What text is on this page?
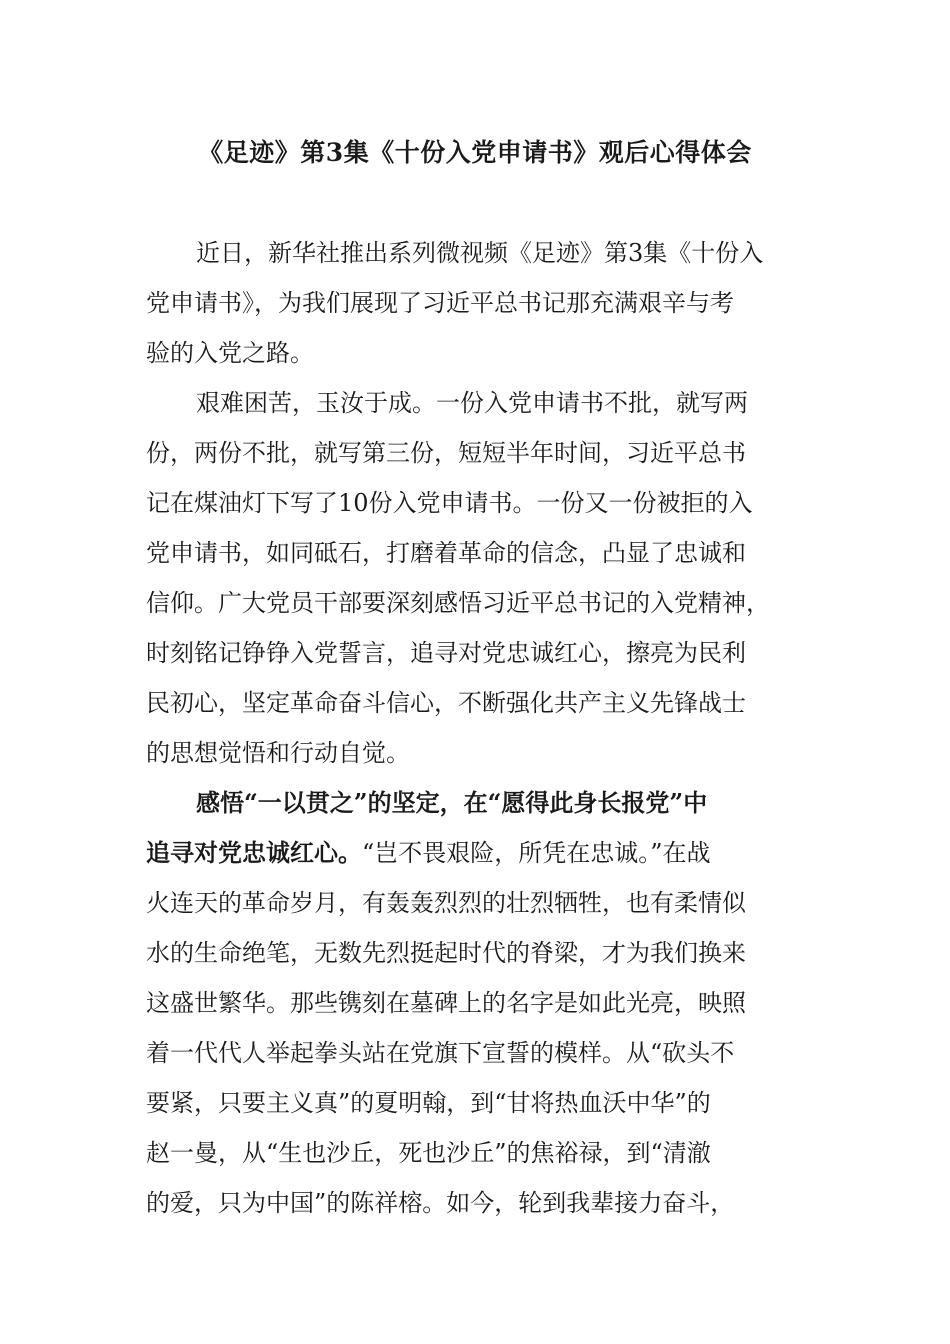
《足迹》第3集《十份入党申请书》观后心得体会

近日，新华社推出系列微视频《足迹》第3集《十份入

党申请书》，为我们展现了习近平总书记那充满艰辛与考

验的入党之路。

艰难困苦，玉汝于成。一份入党申请书不批，就写两

份，两份不批，就写第三份，短短半年时间，习近平总书

记在煤油灯下写了10份入党申请书。一份又一份被拒的入

党申请书，如同砥石，打磨着革命的信念，凸显了忠诚和

信仰。广大党员干部要深刻感悟习近平总书记的入党精神，

时刻铭记铮铮入党誓言，追寻对党忠诚红心，擦亮为民利

民初心，坚定革命奋斗信心，不断强化共产主义先锋战士

的思想觉悟和行动自觉。

感悟“一以贯之”的坚定，在“愿得此身长报党”中

追寻对党忠诚红心。“岂不畏艰险，所凭在忠诚。”在战

火连天的革命岁月，有轰轰烈烈的壮烈牺牲，也有柔情似

水的生命绝笔，无数先烈挺起时代的脊梁，才为我们换来

这盛世繁华。那些镌刻在墓碑上的名字是如此光亮，映照

着一代代人举起拳头站在党旗下宣誓的模样。从“砍头不

要紧，只要主义真”的夏明翰，到“甘将热血沃中华”的

赵一曼，从“生也沙丘，死也沙丘”的焦裕禄，到“清澈

的爱，只为中国”的陈祥榕。如今，轮到我辈接力奋斗，
